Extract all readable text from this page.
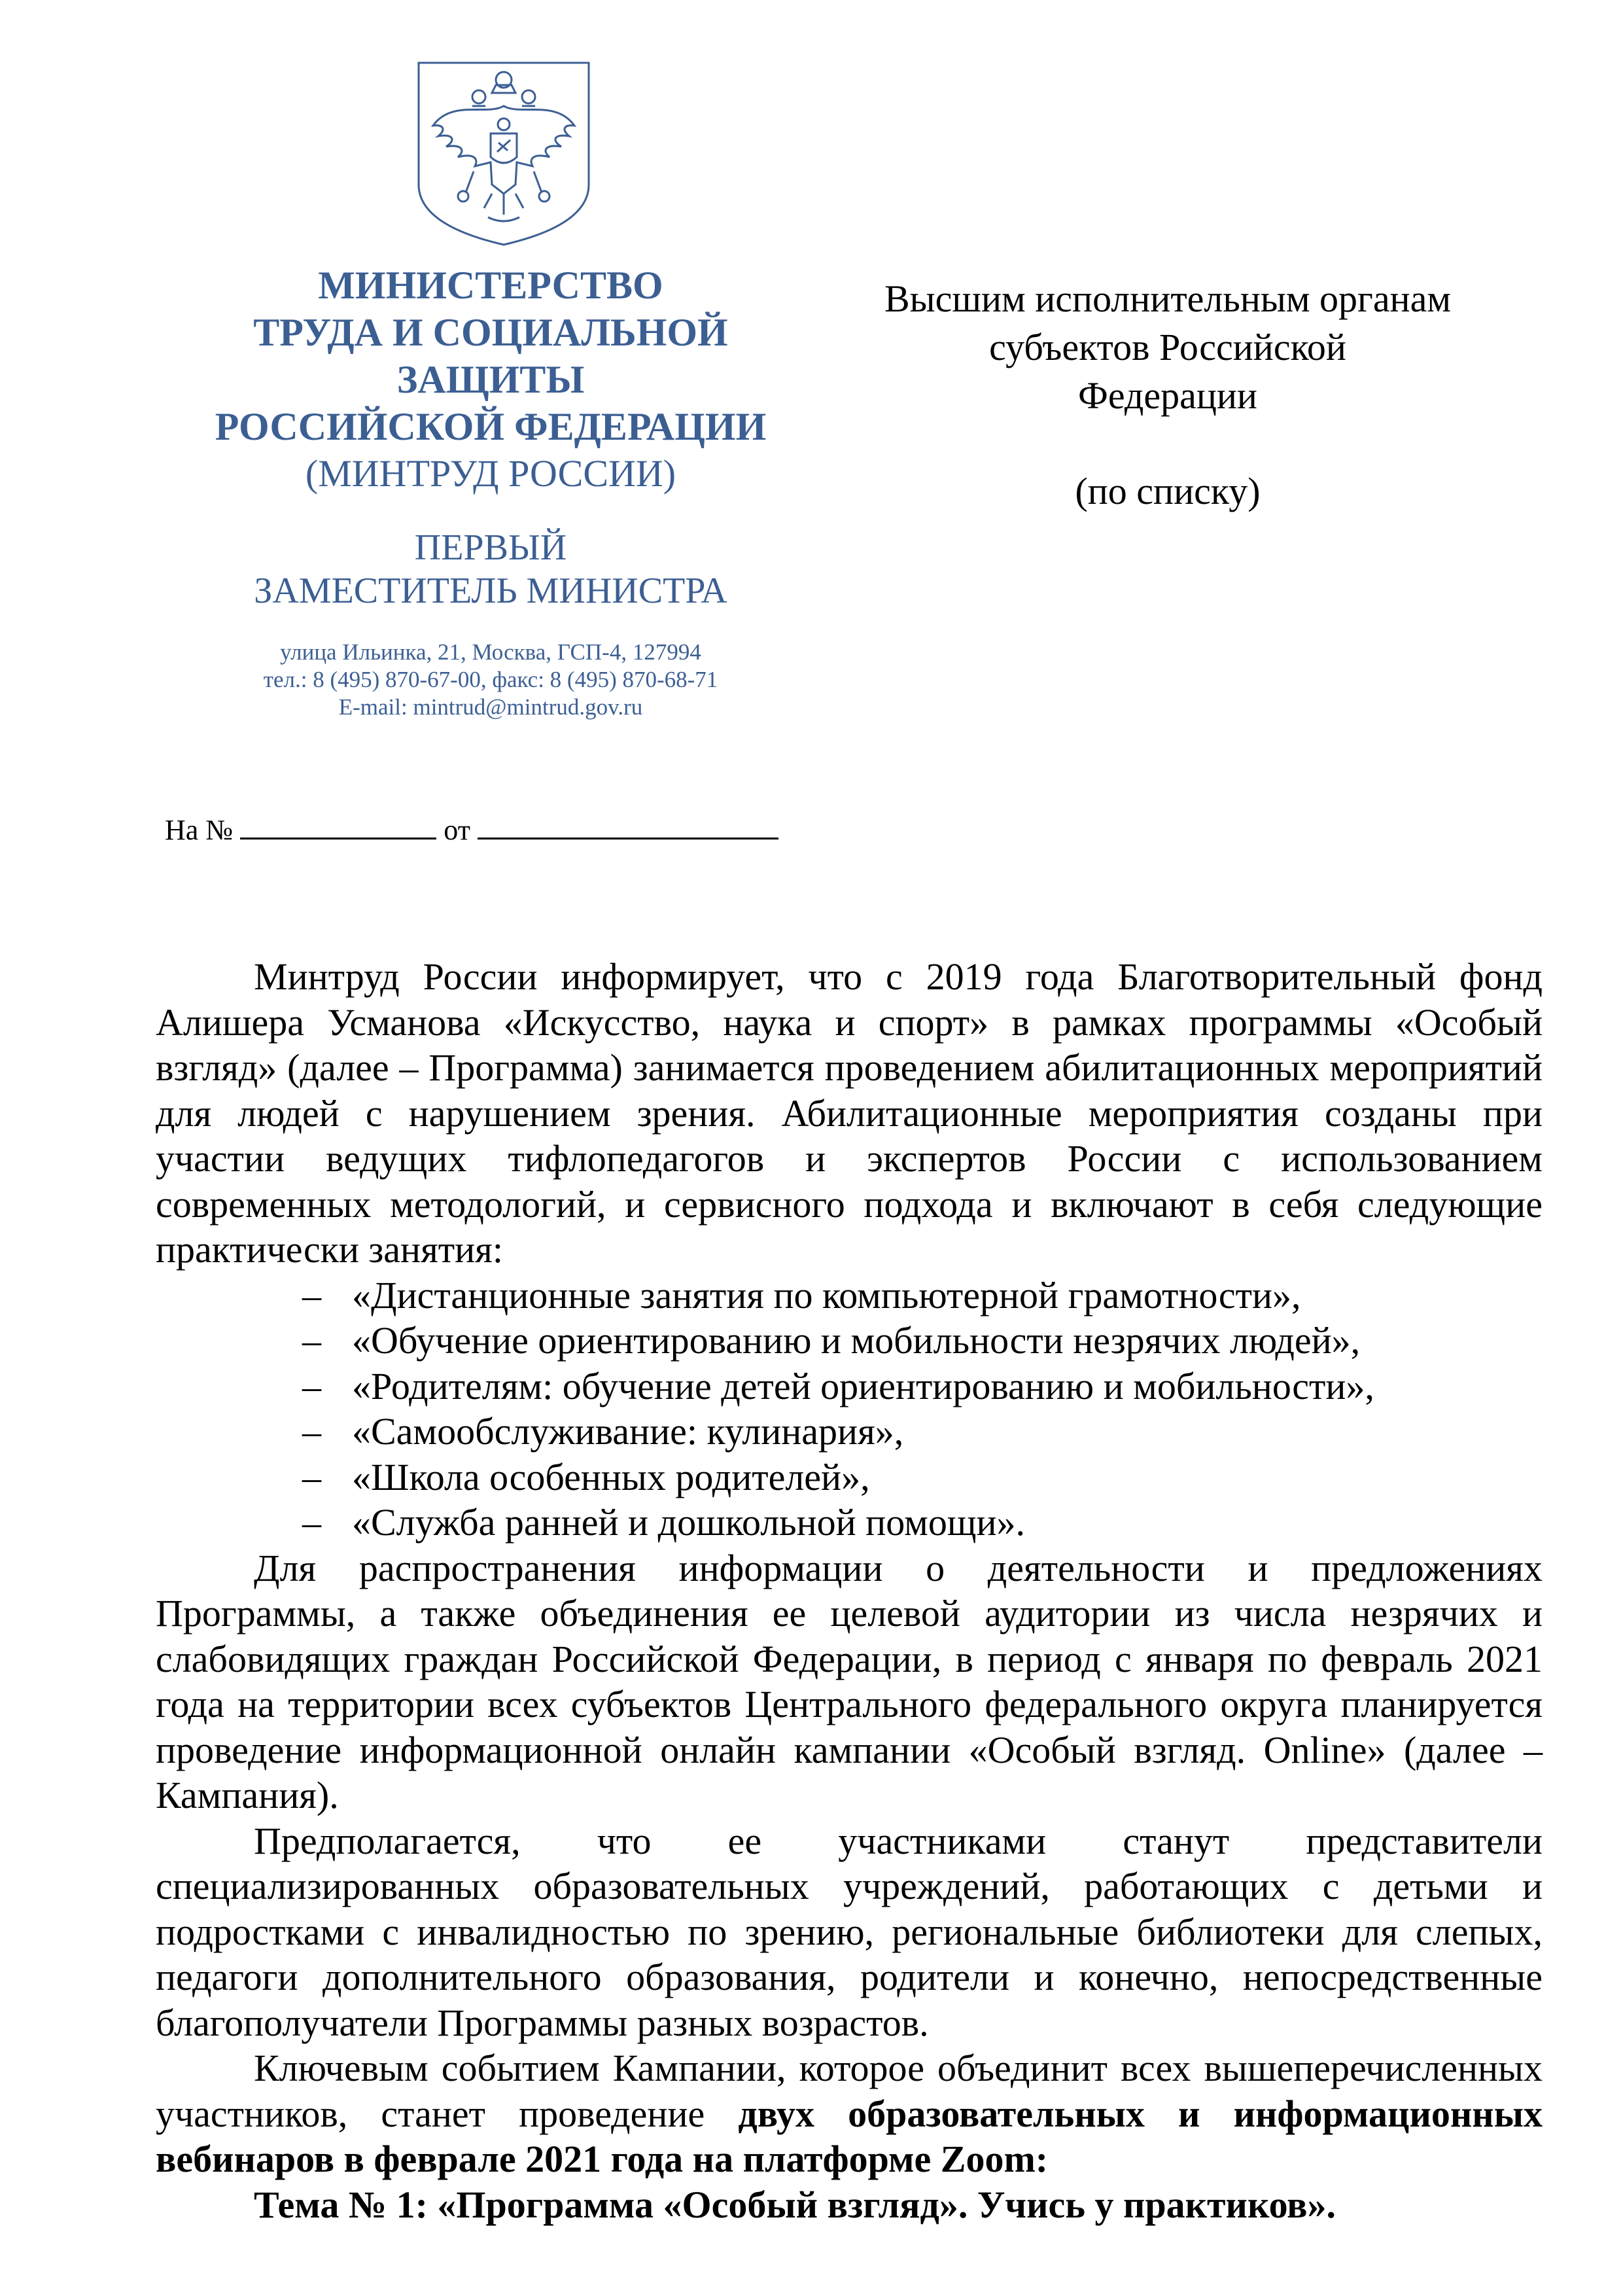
МИНИСТЕРСТВО
ТРУДА И СОЦИАЛЬНОЙ
ЗАЩИТЫ
РОССИЙСКОЙ ФЕДЕРАЦИИ
(МИНТРУД РОССИИ)
ПЕРВЫЙ
ЗАМЕСТИТЕЛЬ МИНИСТРА
улица Ильинка, 21, Москва, ГСП-4, 127994
тел.: 8 (495) 870-67-00, факс: 8 (495) 870-68-71
E-mail: mintrud@mintrud.gov.ru
Высшим исполнительным органам
субъектов Российской
Федерации
(по списку)
На №	от

Минтруд России информирует, что с 2019 года Благотворительный фонд Алишера Усманова «Искусство, наука и спорт» в рамках программы «Особый взгляд» (далее – Программа) занимается проведением абилитационных мероприятий для людей с нарушением зрения. Абилитационные мероприятия созданы при участии ведущих тифлопедагогов и экспертов России с использованием современных методологий, и сервисного подхода и включают в себя следующие практически занятия:

– «Дистанционные занятия по компьютерной грамотности»,
– «Обучение ориентированию и мобильности незрячих людей»,
– «Родителям: обучение детей ориентированию и мобильности»,
– «Самообслуживание: кулинария»,
– «Школа особенных родителей»,
– «Служба ранней и дошкольной помощи».

Для распространения информации о деятельности и предложениях Программы, а также объединения ее целевой аудитории из числа незрячих и слабовидящих граждан Российской Федерации, в период с января по февраль 2021 года на территории всех субъектов Центрального федерального округа планируется проведение информационной онлайн кампании «Особый взгляд. Online» (далее – Кампания).

Предполагается, что ее участниками станут представители специализированных образовательных учреждений, работающих с детьми и подростками с инвалидностью по зрению, региональные библиотеки для слепых, педагоги дополнительного образования, родители и конечно, непосредственные благополучатели Программы разных возрастов.

Ключевым событием Кампании, которое объединит всех вышеперечисленных участников, станет проведение двух образовательных и информационных вебинаров в феврале 2021 года на платформе Zoom:

Тема № 1: «Программа «Особый взгляд». Учись у практиков».
